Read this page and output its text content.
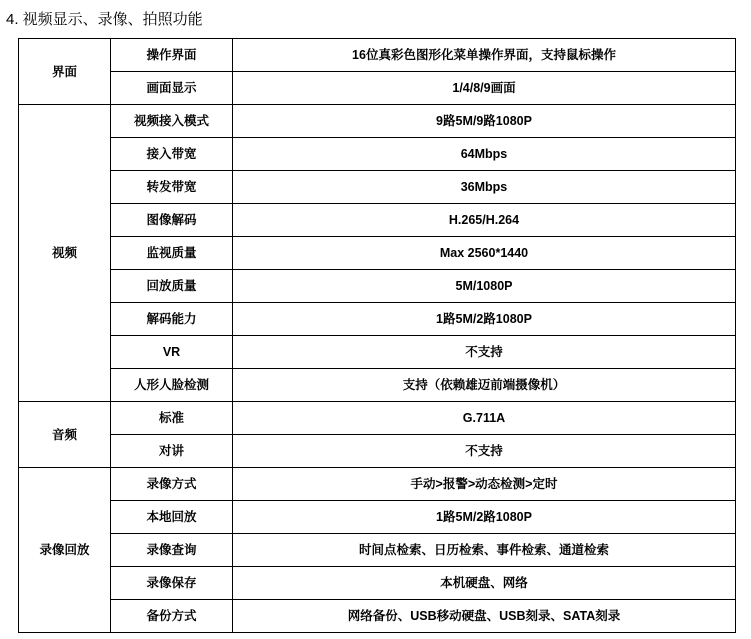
4. 视频显示、录像、拍照功能
界面	操作界面	16位真彩色图形化菜单操作界面，支持鼠标操作
	画面显示	1/4/8/9画面
视频	视频接入模式	9路5M/9路1080P
	接入带宽	64Mbps
	转发带宽	36Mbps
	图像解码	H.265/H.264
	监视质量	Max 2560*1440
	回放质量	5M/1080P
	解码能力	1路5M/2路1080P
	VR	不支持
	人形人脸检测	支持（依赖雄迈前端摄像机）
音频	标准	G.711A
	对讲	不支持
录像回放	录像方式	手动>报警>动态检测>定时
	本地回放	1路5M/2路1080P
	录像查询	时间点检索、日历检索、事件检索、通道检索
	录像保存	本机硬盘、网络
	备份方式	网络备份、USB移动硬盘、USB刻录、SATA刻录
